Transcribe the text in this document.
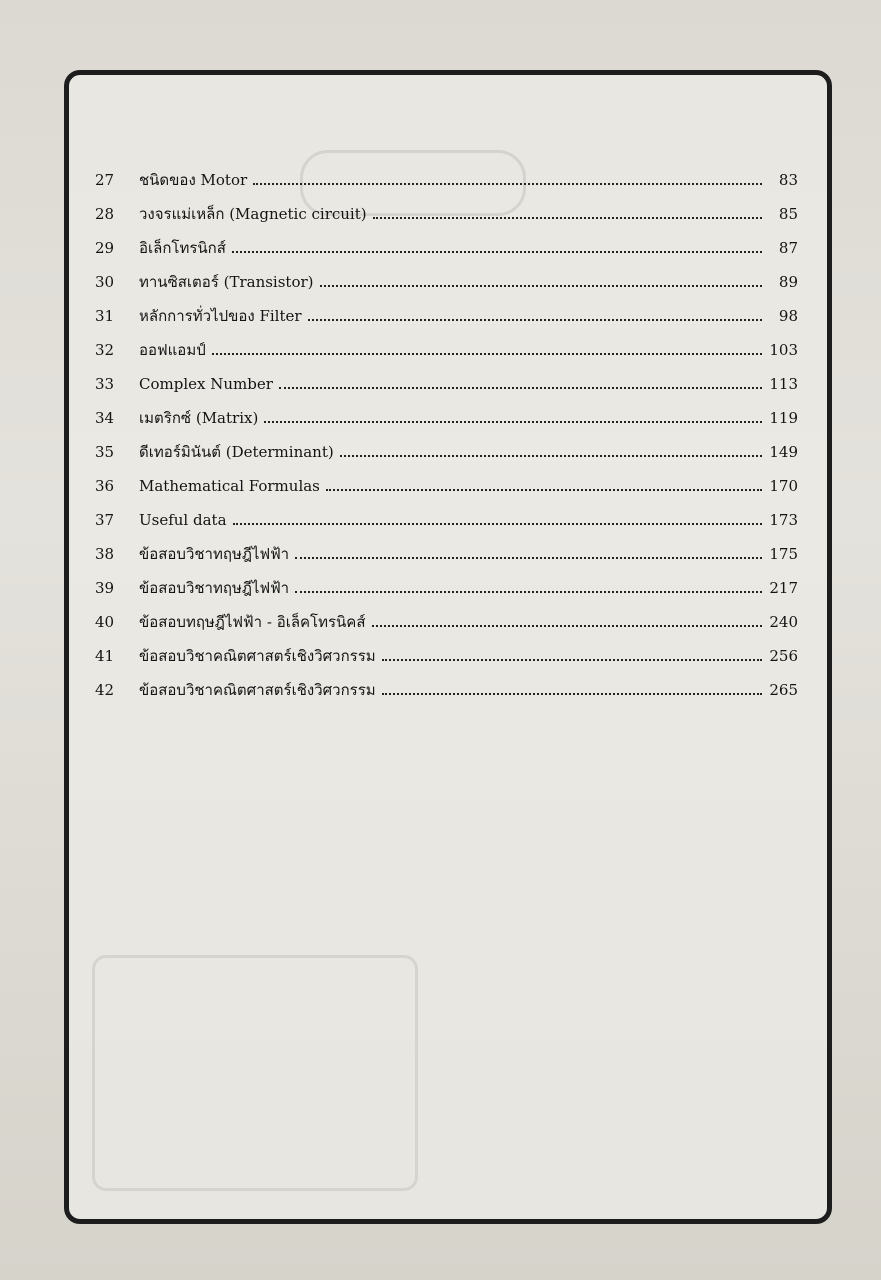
27	ชนิดของ Motor	83
28	วงจรแม่เหล็ก (Magnetic circuit)	85
29	อิเล็กโทรนิกส์	87
30	ทานซิสเตอร์ (Transistor)	89
31	หลักการทั่วไปของ Filter	98
32	ออฟแอมป์	103
33	Complex Number	113
34	เมตริกซ์ (Matrix)	119
35	ดีเทอร์มินันต์ (Determinant)	149
36	Mathematical Formulas	170
37	Useful data	173
38	ข้อสอบวิชาทฤษฎีไฟฟ้า	175
39	ข้อสอบวิชาทฤษฎีไฟฟ้า	217
40	ข้อสอบทฤษฎีไฟฟ้า - อิเล็คโทรนิคส์	240
41	ข้อสอบวิชาคณิตศาสตร์เชิงวิศวกรรม	256
42	ข้อสอบวิชาคณิตศาสตร์เชิงวิศวกรรม	265
